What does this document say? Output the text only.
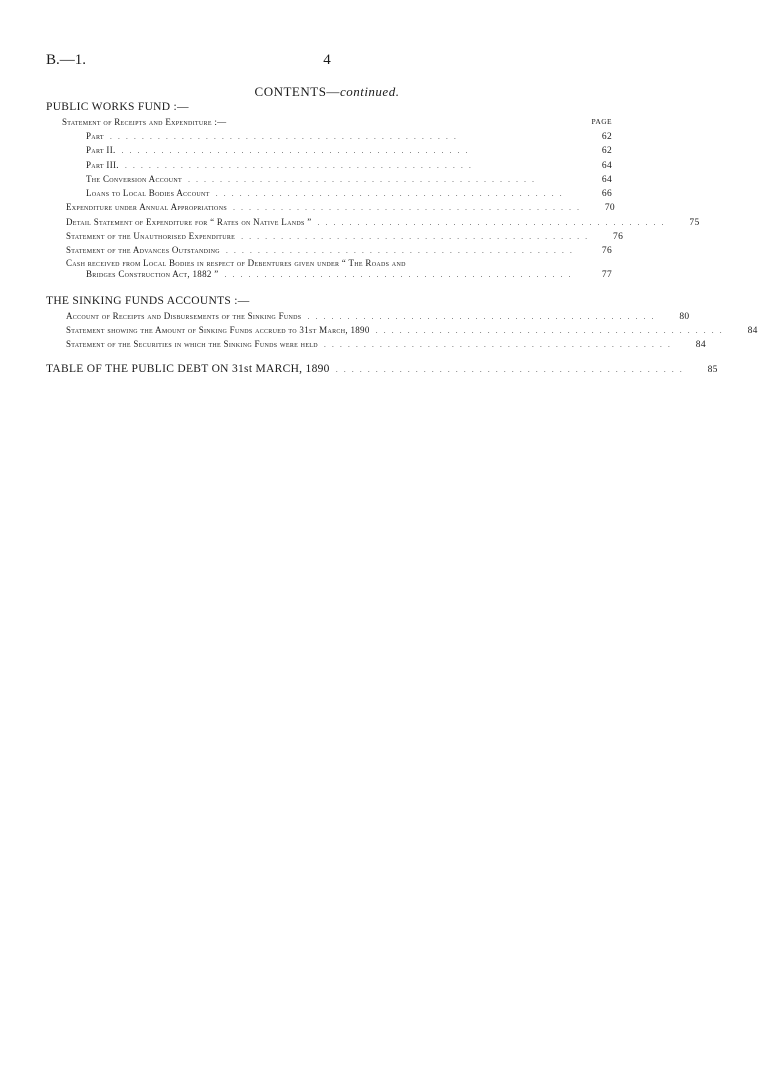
B.—1.	4
CONTENTS—continued.
PUBLIC WORKS FUND :—
Statement of Receipts and Expenditure :—	PAGE
Part . . . . . . . . . . . . . . . . . . . . . . . . . . . . . . . . . . . . . . . . . . . .	62
Part II. . . . . . . . . . . . . . . . . . . . . . . . . . . . . . . . . . . . . . . . . . . . .	62
Part III. . . . . . . . . . . . . . . . . . . . . . . . . . . . . . . . . . . . . . . . . . . . .	64
The Conversion Account . . . . . . . . . . . . . . . . . . . . . . . . . . . . . . . . . . . . . . . . . . . .	64
Loans to Local Bodies Account . . . . . . . . . . . . . . . . . . . . . . . . . . . . . . . . . . . . . . . . . . . .	66
Expenditure under Annual Appropriations . . . . . . . . . . . . . . . . . . . . . . . . . . . . . . . . . . . . . . . . . . . .	70
Detail Statement of Expenditure for “ Rates on Native Lands ” . . . . . . . . . . . . . . . . . . . . . . . . . . . . . . . . . . . . . . . . . . . .	75
Statement of the Unauthorised Expenditure . . . . . . . . . . . . . . . . . . . . . . . . . . . . . . . . . . . . . . . . . . . .	76
Statement of the Advances Outstanding . . . . . . . . . . . . . . . . . . . . . . . . . . . . . . . . . . . . . . . . . . . .	76
Cash received from Local Bodies in respect of Debentures given under “ The Roads and
Bridges Construction Act, 1882 ” . . . . . . . . . . . . . . . . . . . . . . . . . . . . . . . . . . . . . . . . . . . .	77
THE SINKING FUNDS ACCOUNTS :—
Account of Receipts and Disbursements of the Sinking Funds . . . . . . . . . . . . . . . . . . . . . . . . . . . . . . . . . . . . . . . . . . . .	80
Statement showing the Amount of Sinking Funds accrued to 31st March, 1890 . . . . . . . . . . . . . . . . . . . . . . . . . . . . . . . . . . . . . . . . . . . .	84
Statement of the Securities in which the Sinking Funds were held . . . . . . . . . . . . . . . . . . . . . . . . . . . . . . . . . . . . . . . . . . . .	84
TABLE OF THE PUBLIC DEBT ON 31st MARCH, 1890 . . . . . . . . . . . . . . . . . . . . . . . . . . . . . . . . . . . . . . . . . . . .	85
